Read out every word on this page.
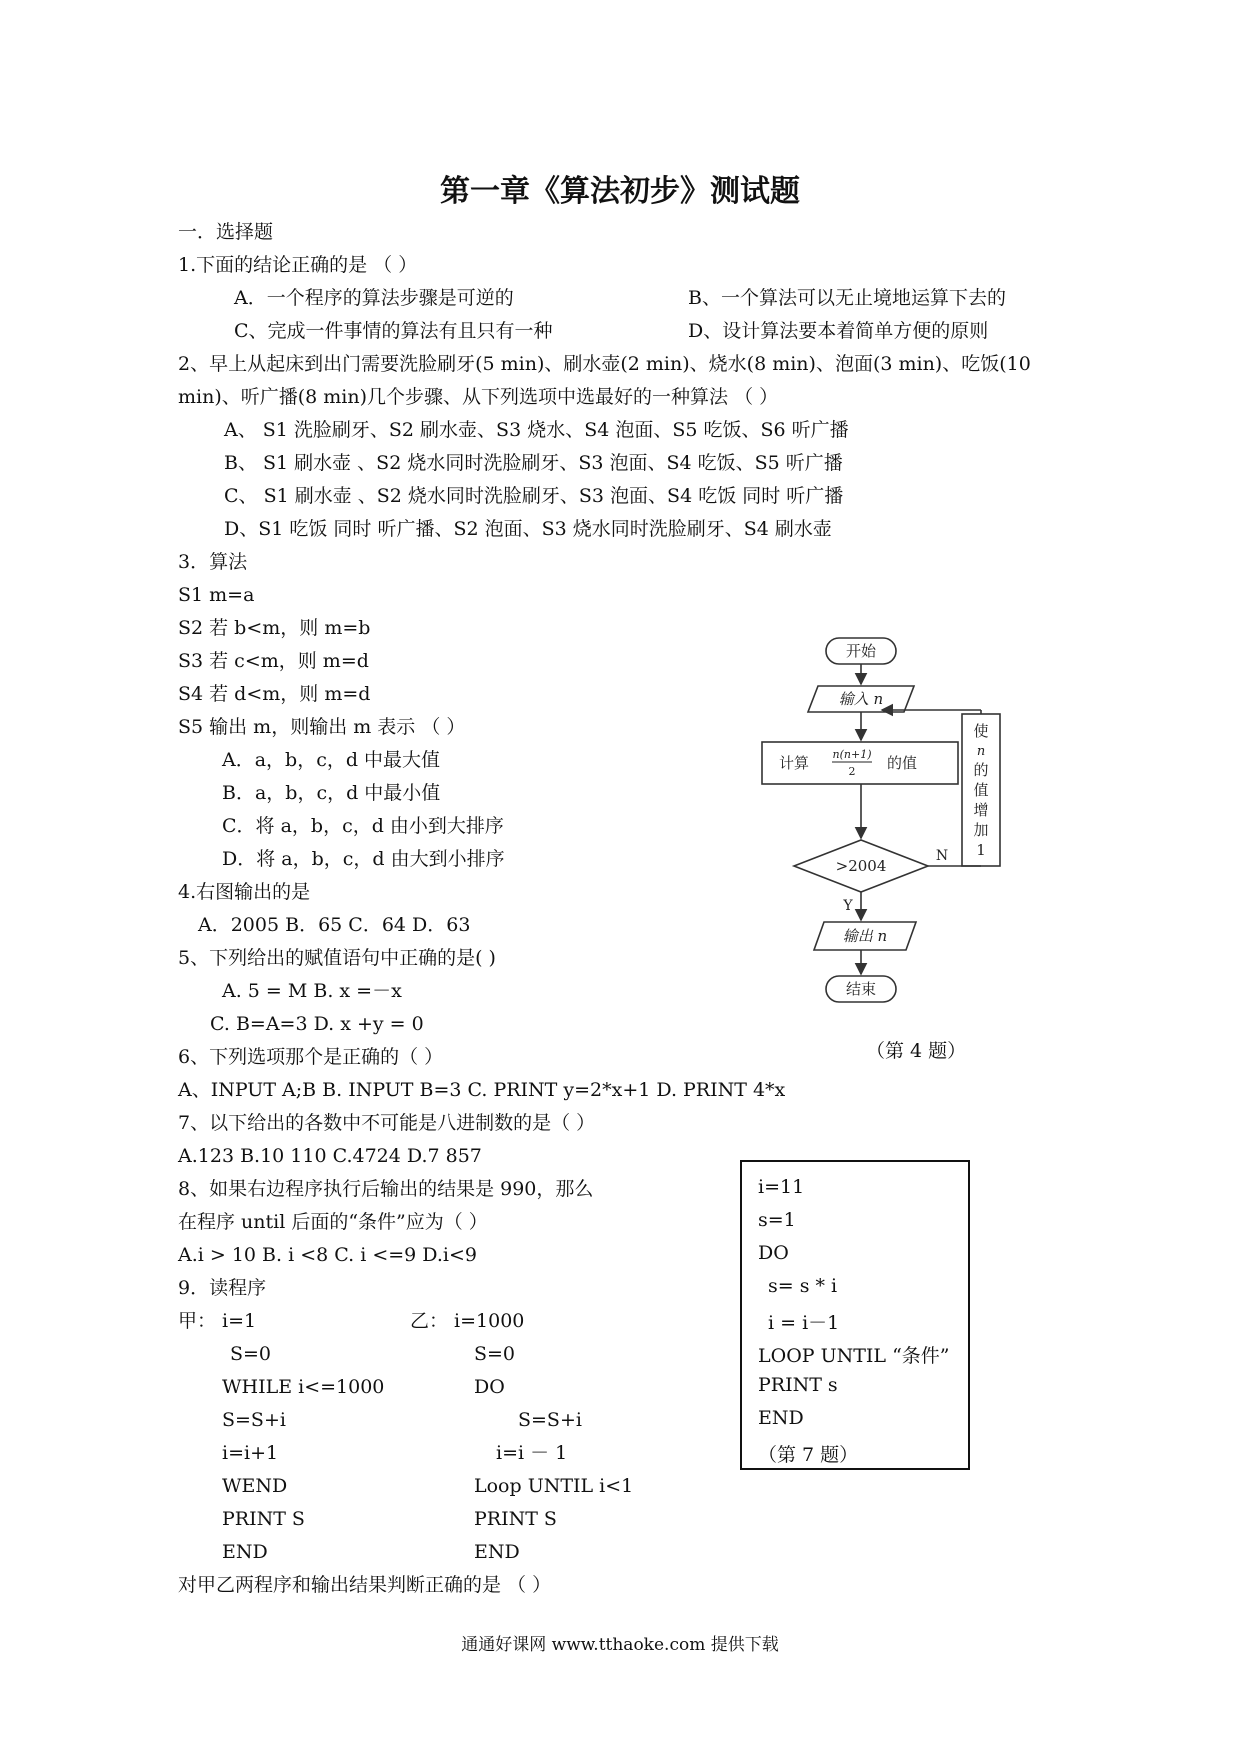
第一章《算法初步》测试题
一．选择题
1.下面的结论正确的是 （ ）
A．一个程序的算法步骤是可逆的	B、一个算法可以无止境地运算下去的
C、完成一件事情的算法有且只有一种	D、设计算法要本着简单方便的原则
2、早上从起床到出门需要洗脸刷牙(5 min)、刷水壶(2 min)、烧水(8 min)、泡面(3 min)、吃饭(10
min)、听广播(8 min)几个步骤、从下列选项中选最好的一种算法 （ ）
A、 S1 洗脸刷牙、S2 刷水壶、S3 烧水、S4 泡面、S5 吃饭、S6 听广播
B、 S1 刷水壶 、S2 烧水同时洗脸刷牙、S3 泡面、S4 吃饭、S5 听广播
C、 S1 刷水壶 、S2 烧水同时洗脸刷牙、S3 泡面、S4 吃饭 同时 听广播
D、S1 吃饭 同时 听广播、S2 泡面、S3 烧水同时洗脸刷牙、S4 刷水壶
3．算法
S1 m=a
S2 若 b<m，则 m=b
S3 若 c<m，则 m=d
S4 若 d<m，则 m=d
S5 输出 m，则输出 m 表示 （ ）
A．a，b，c，d 中最大值
B．a，b，c，d 中最小值
C．将 a，b，c，d 由小到大排序
D．将 a，b，c，d 由大到小排序
4.右图输出的是
A．2005 B．65 C．64 D．63
5、下列给出的赋值语句中正确的是( )
A. 5 = M B. x =－x
C. B=A=3 D. x +y = 0
（第 4 题）
6、下列选项那个是正确的（ ）
A、INPUT A;B B. INPUT B=3 C. PRINT y=2*x+1 D. PRINT 4*x
7、以下给出的各数中不可能是八进制数的是（ ）
A.123 B.10 110 C.4724 D.7 857
8、如果右边程序执行后输出的结果是 990，那么
在程序 until 后面的“条件”应为（ ）
A.i > 10 B. i <8 C. i <=9 D.i<9
9．读程序
甲： i=1	乙： i=1000
S=0	S=0
WHILE i<=1000	DO
S=S+i	S=S+i
i=i+1	i=i － 1
WEND	Loop UNTIL i<1
PRINT S	PRINT S
END	END
对甲乙两程序和输出结果判断正确的是 （ ）
开始
输入 n
计算 n(n+1)
2 的值
>2004
N
Y
输出 n
结束
使
n
的
值
增
加
1
i=11
s=1
DO
s= s * i
i = i－1
LOOP UNTIL “条件”
PRINT s
END
（第 7 题）
通通好课网 www.tthaoke.com 提供下载
